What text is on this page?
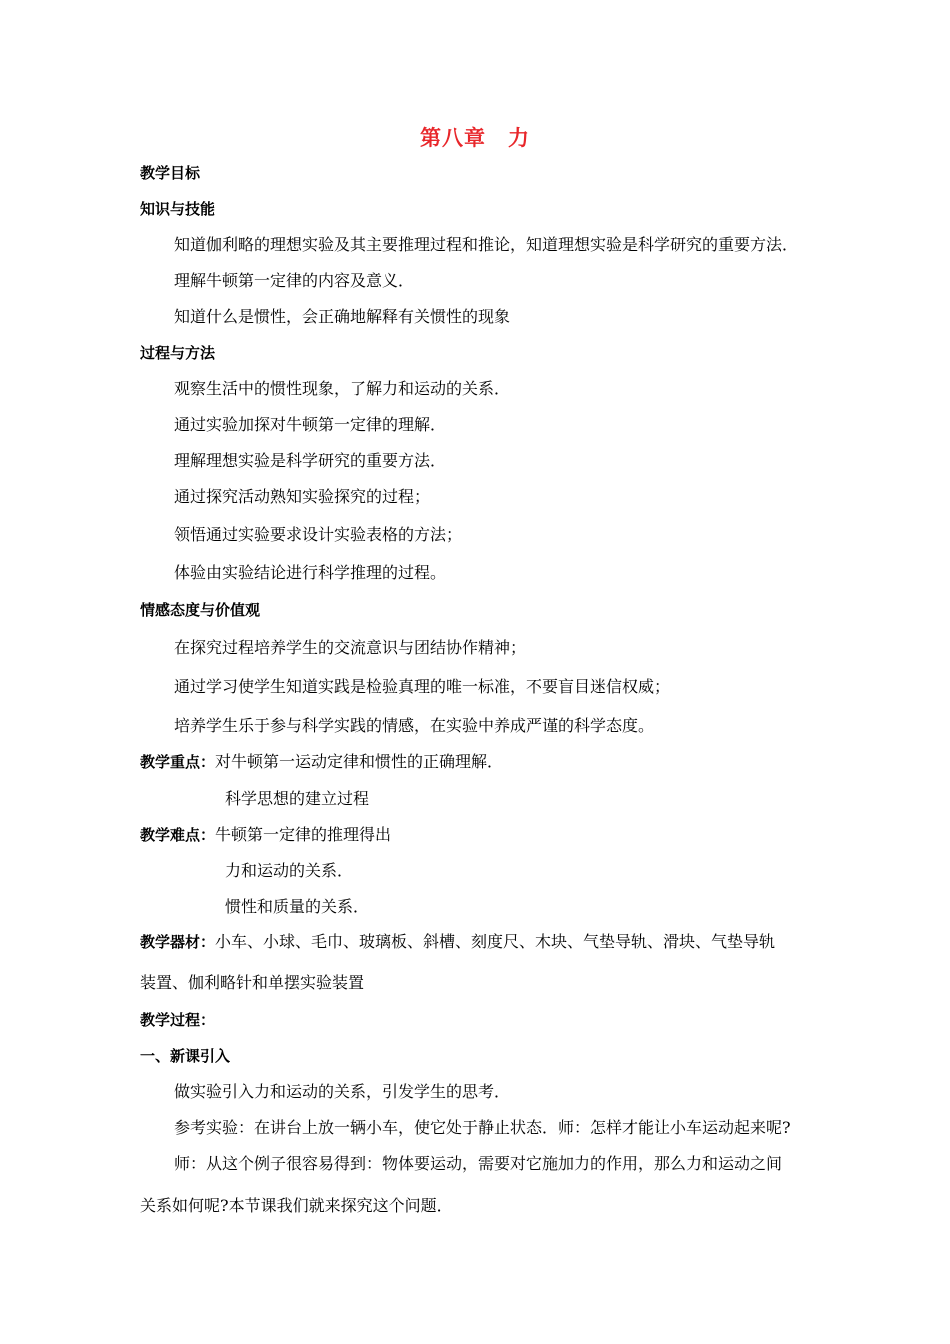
第八章　力
教学目标
知识与技能
知道伽利略的理想实验及其主要推理过程和推论，知道理想实验是科学研究的重要方法．
理解牛顿第一定律的内容及意义．
知道什么是惯性，会正确地解释有关惯性的现象
过程与方法
观察生活中的惯性现象，了解力和运动的关系．
通过实验加探对牛顿第一定律的理解．
理解理想实验是科学研究的重要方法．
通过探究活动熟知实验探究的过程；
领悟通过实验要求设计实验表格的方法；
体验由实验结论进行科学推理的过程。
情感态度与价值观
在探究过程培养学生的交流意识与团结协作精神；
通过学习使学生知道实践是检验真理的唯一标准，不要盲目迷信权威；
培养学生乐于参与科学实践的情感，在实验中养成严谨的科学态度。
教学重点：对牛顿第一运动定律和惯性的正确理解．
科学思想的建立过程
教学难点：牛顿第一定律的推理得出
力和运动的关系．
惯性和质量的关系．
教学器材：小车、小球、毛巾、玻璃板、斜槽、刻度尺、木块、气垫导轨、滑块、气垫导轨
装置、伽利略针和单摆实验装置
教学过程：
一、新课引入
做实验引入力和运动的关系，引发学生的思考．
参考实验：在讲台上放一辆小车，使它处于静止状态．师：怎样才能让小车运动起来呢?
师：从这个例子很容易得到：物体要运动，需要对它施加力的作用，那么力和运动之间
关系如何呢?本节课我们就来探究这个问题．
